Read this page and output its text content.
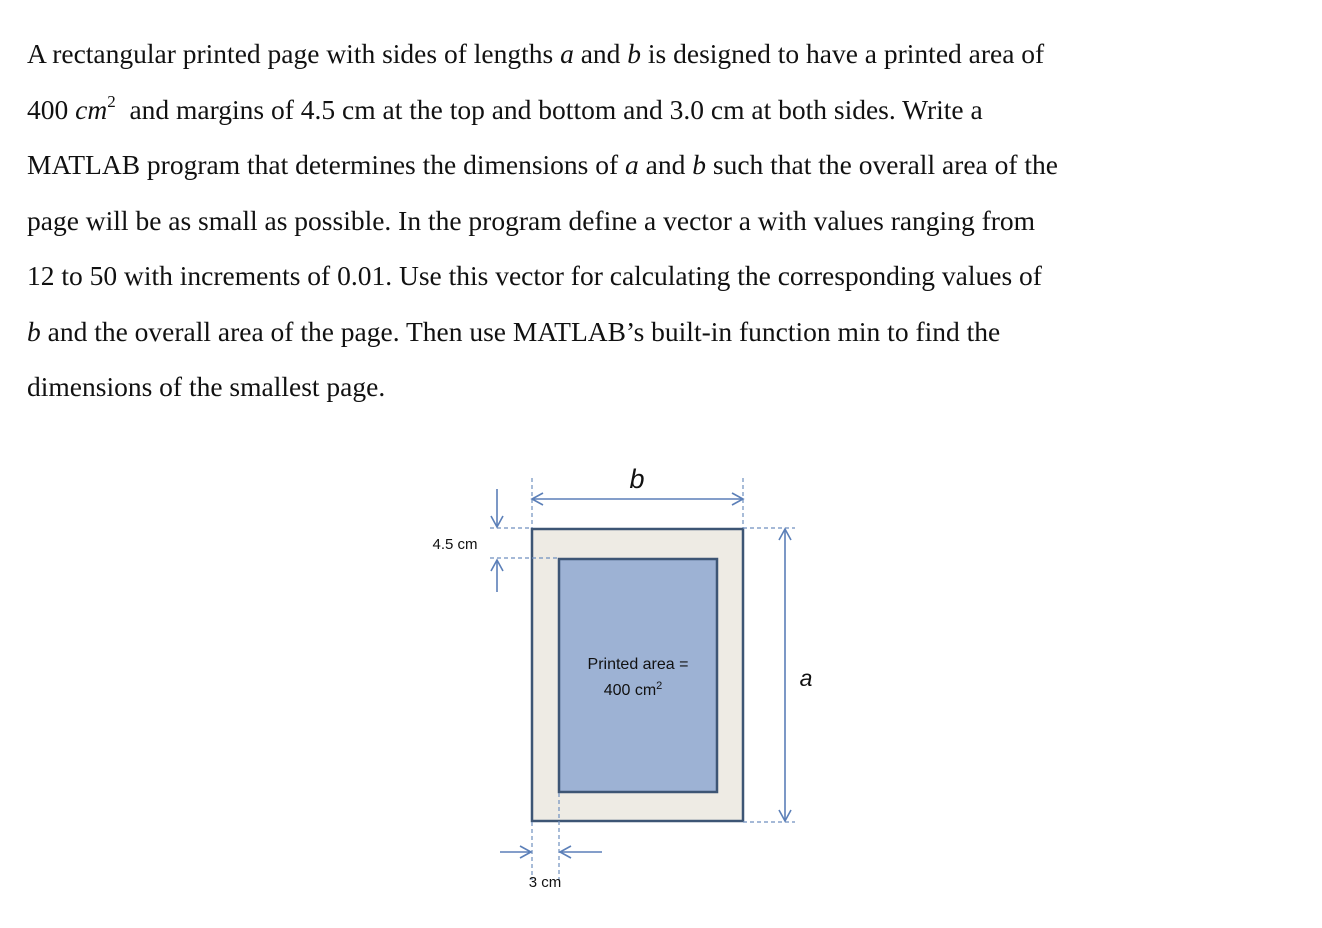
A rectangular printed page with sides of lengths a and b is designed to have a printed area of
400 $cm^2$  and margins of 4.5 cm at the top and bottom and 3.0 cm at both sides. Write a
MATLAB program that determines the dimensions of a and b such that the overall area of the
page will be as small as possible. In the program define a vector a with values ranging from
12 to 50 with increments of 0.01. Use this vector for calculating the corresponding values of
b and the overall area of the page. Then use MATLAB’s built-in function min to find the
dimensions of the smallest page.
b
a
4.5 cm
3 cm
Printed area =
400 $cm^2$
